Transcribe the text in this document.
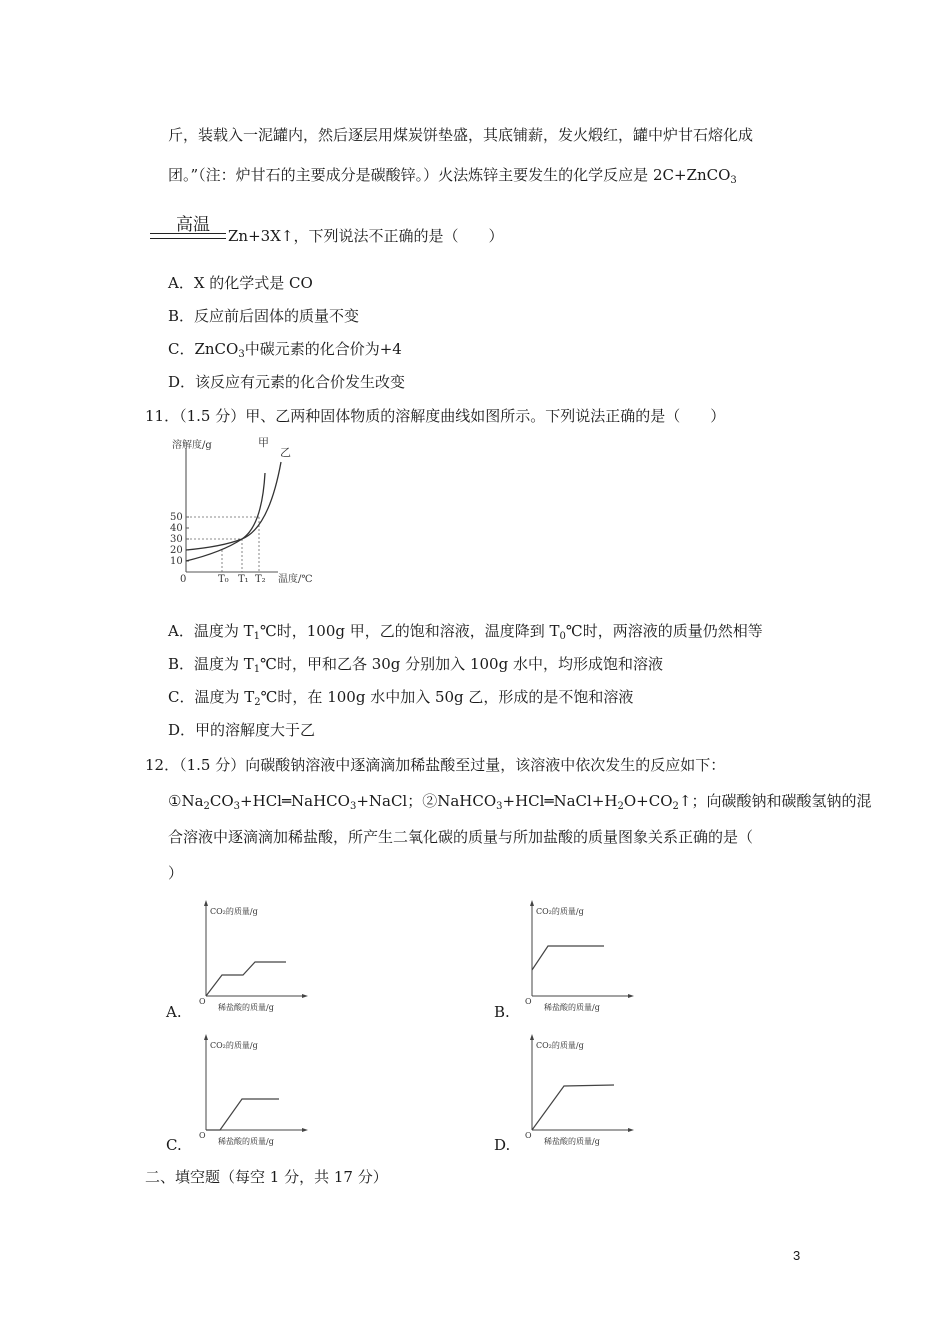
斤，装载入一泥罐内，然后逐层用煤炭饼垫盛，其底铺薪，发火煅红，罐中炉甘石熔化成
团。”（注：炉甘石的主要成分是碳酸锌。）火法炼锌主要发生的化学反应是 2C+ZnCO$_3$
高温
Zn+3X↑，下列说法不正确的是（　　）
A．X 的化学式是 CO
B．反应前后固体的质量不变
C．ZnCO$_3$中碳元素的化合价为+4
D．该反应有元素的化合价发生改变
11．（1.5 分）甲、乙两种固体物质的溶解度曲线如图所示。下列说法正确的是（　　）
溶解度/g
10
20
30
40
50
甲
乙
0	T₀ T₁ T₂ 温度/℃
A．温度为 $T_1℃$时，100g 甲，乙的饱和溶液，温度降到 $T_0℃$时，两溶液的质量仍然相等
B．温度为 $T_1℃$时，甲和乙各 30g 分别加入 100g 水中，均形成饱和溶液
C．温度为 $T_2℃$时，在 100g 水中加入 50g 乙，形成的是不饱和溶液
D．甲的溶解度大于乙
12．（1.5 分）向碳酸钠溶液中逐滴滴加稀盐酸至过量，该溶液中依次发生的反应如下：
$①Na_2CO_3+HCl═NaHCO_3+NaCl$；$②NaHCO_3+HCl═NaCl+H_2O+CO_2↑$；向碳酸钠和碳酸氢钠的混
合溶液中逐滴滴加稀盐酸，所产生二氧化碳的质量与所加盐酸的质量图象关系正确的是（
）
CO₂的质量/g
O
稀盐酸的质量/g
A.
CO₂的质量/g
O
稀盐酸的质量/g
B.
CO₂的质量/g
O
稀盐酸的质量/g
C.
CO₂的质量/g
O
稀盐酸的质量/g
D.
二、填空题（每空 1 分，共 17 分）
3
